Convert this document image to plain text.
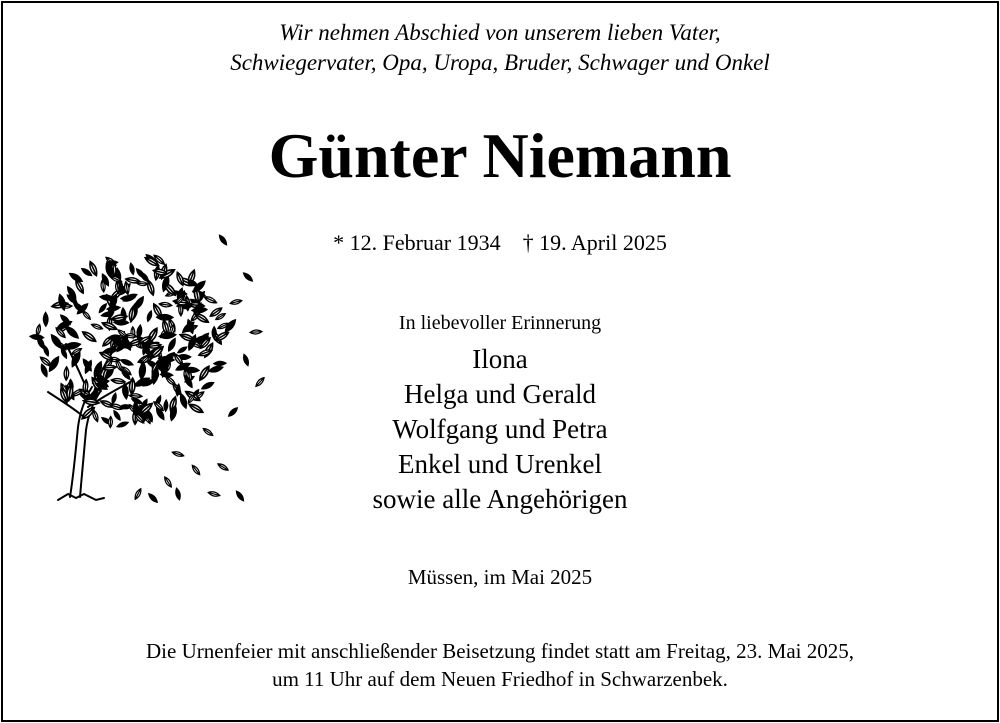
Wir nehmen Abschied von unserem lieben Vater,
Schwiegervater, Opa, Uropa, Bruder, Schwager und Onkel
Günter Niemann
* 12. Februar 1934 † 19. April 2025
In liebevoller Erinnerung
Ilona
Helga und Gerald
Wolfgang und Petra
Enkel und Urenkel
sowie alle Angehörigen
Müssen, im Mai 2025
Die Urnenfeier mit anschließender Beisetzung findet statt am Freitag, 23. Mai 2025,
um 11 Uhr auf dem Neuen Friedhof in Schwarzenbek.
